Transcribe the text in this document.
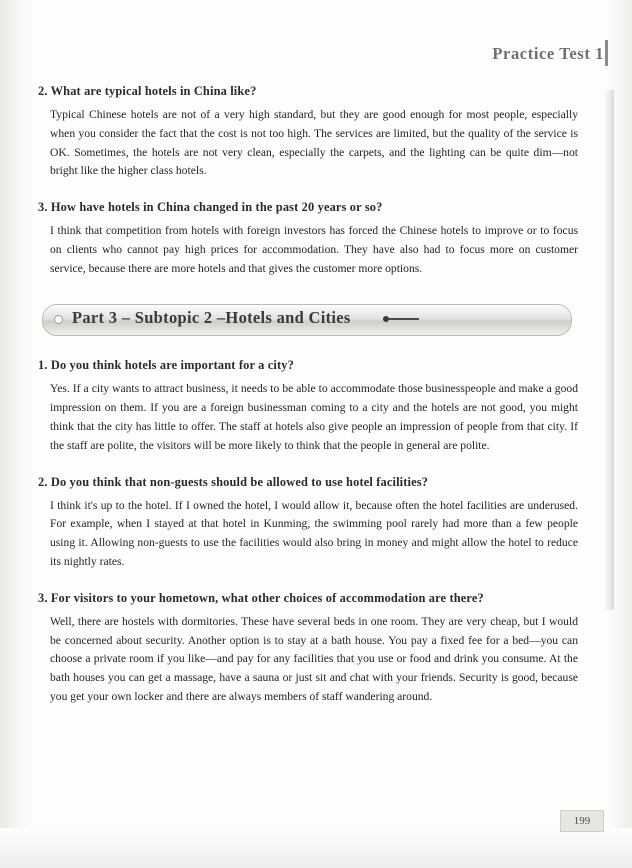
Practice Test 1

2. What are typical hotels in China like?

Typical Chinese hotels are not of a very high standard, but they are good enough for most people, especially when you consider the fact that the cost is not too high. The services are limited, but the quality of the service is OK. Sometimes, the hotels are not very clean, especially the carpets, and the lighting can be quite dim—not bright like the higher class hotels.

3. How have hotels in China changed in the past 20 years or so?

I think that competition from hotels with foreign investors has forced the Chinese hotels to improve or to focus on clients who cannot pay high prices for accommodation. They have also had to focus more on customer service, because there are more hotels and that gives the customer more options.

Part 3 – Subtopic 2 –Hotels and Cities

1. Do you think hotels are important for a city?

Yes. If a city wants to attract business, it needs to be able to accommodate those businesspeople and make a good impression on them. If you are a foreign businessman coming to a city and the hotels are not good, you might think that the city has little to offer. The staff at hotels also give people an impression of people from that city. If the staff are polite, the visitors will be more likely to think that the people in general are polite.

2. Do you think that non-guests should be allowed to use hotel facilities?

I think it's up to the hotel. If I owned the hotel, I would allow it, because often the hotel facilities are underused. For example, when I stayed at that hotel in Kunming, the swimming pool rarely had more than a few people using it. Allowing non-guests to use the facilities would also bring in money and might allow the hotel to reduce its nightly rates.

3. For visitors to your hometown, what other choices of accommodation are there?

Well, there are hostels with dormitories. These have several beds in one room. They are very cheap, but I would be concerned about security. Another option is to stay at a bath house. You pay a fixed fee for a bed—you can choose a private room if you like—and pay for any facilities that you use or food and drink you consume. At the bath houses you can get a massage, have a sauna or just sit and chat with your friends. Security is good, because you get your own locker and there are always members of staff wandering around.

199
